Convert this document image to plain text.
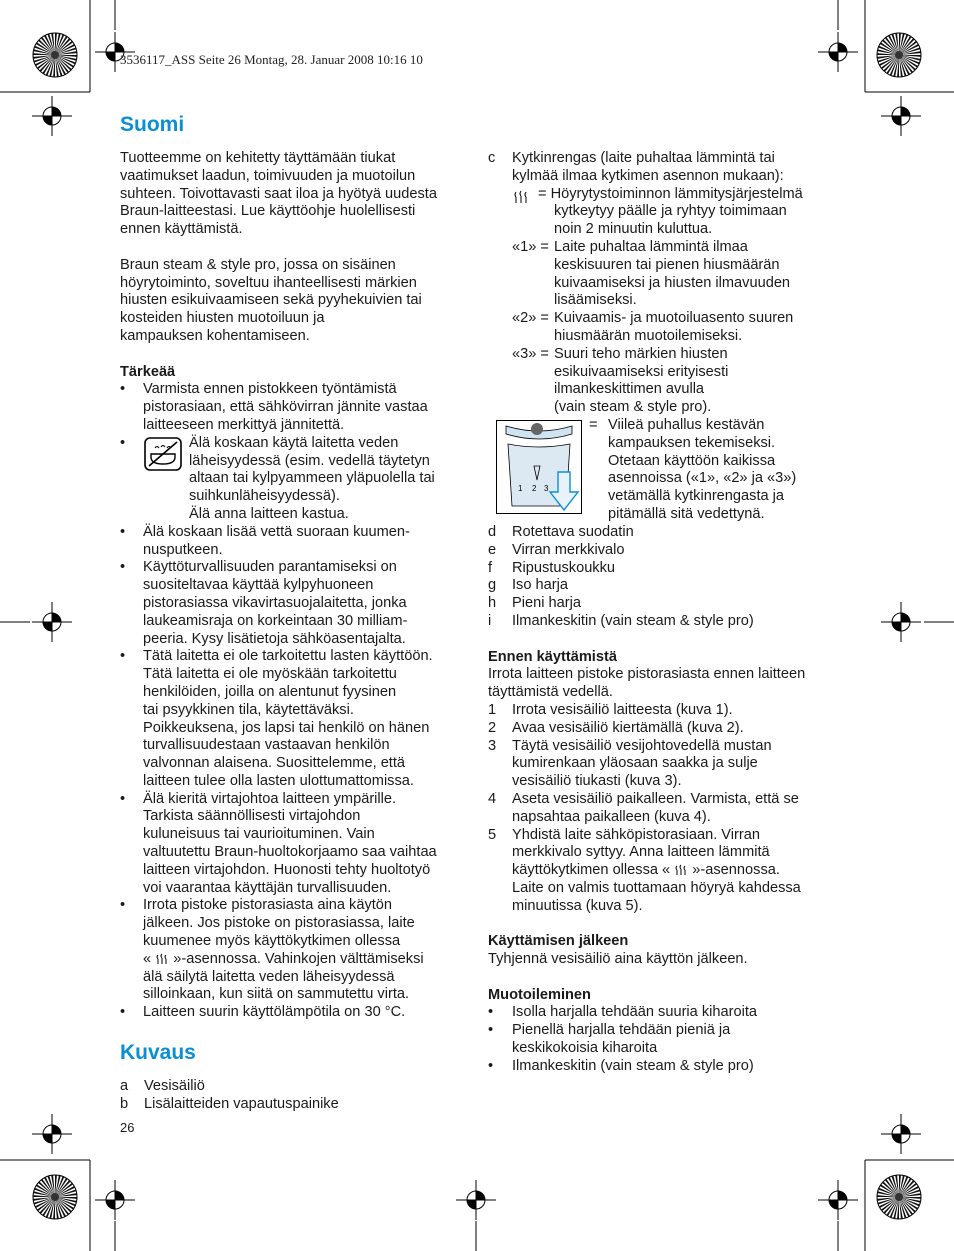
3536117_ASS Seite 26 Montag, 28. Januar 2008 10:16 10
Suomi

Tuotteemme on kehitetty täyttämään tiukat
vaatimukset laadun, toimivuuden ja muotoilun
suhteen. Toivottavasti saat iloa ja hyötyä uudesta
Braun-laitteestasi. Lue käyttöohje huolellisesti
ennen käyttämistä.

Braun steam & style pro, jossa on sisäinen
höyrytoiminto, soveltuu ihanteellisesti märkien
hiusten esikuivaamiseen sekä pyyhekuivien tai
kosteiden hiusten muotoiluun ja
kampauksen kohentamiseen.

Tärkeää

• Varmista ennen pistokkeen työntämistä
pistorasiaan, että sähkövirran jännite vastaa
laitteeseen merkittyä jännitettä.
• Älä koskaan käytä laitetta veden
läheisyydessä (esim. vedellä täytetyn
altaan tai kylpyammeen yläpuolella tai
suihkunläheisyydessä).
Älä anna laitteen kastua.
• Älä koskaan lisää vettä suoraan kuumen-
nusputkeen.
• Käyttöturvallisuuden parantamiseksi on
suositeltavaa käyttää kylpyhuoneen
pistorasiassa vikavirtasuojalaitetta, jonka
laukeamisraja on korkeintaan 30 milliam-
peeria. Kysy lisätietoja sähköasentajalta.
• Tätä laitetta ei ole tarkoitettu lasten käyttöön.
Tätä laitetta ei ole myöskään tarkoitettu
henkilöiden, joilla on alentunut fyysinen
tai psyykkinen tila, käytettäväksi.
Poikkeuksena, jos lapsi tai henkilö on hänen
turvallisuudestaan vastaavan henkilön
valvonnan alaisena. Suosittelemme, että
laitteen tulee olla lasten ulottumattomissa.
• Älä kieritä virtajohtoa laitteen ympärille.
Tarkista säännöllisesti virtajohdon
kuluneisuus tai vaurioituminen. Vain
valtuutettu Braun-huoltokorjaamo saa vaihtaa
laitteen virtajohdon. Huonosti tehty huoltotyö
voi vaarantaa käyttäjän turvallisuuden.
• Irrota pistoke pistorasiasta aina käytön
jälkeen. Jos pistoke on pistorasiassa, laite
kuumenee myös käyttökytkimen ollessa
« »-asennossa. Vahinkojen välttämiseksi
älä säilytä laitetta veden läheisyydessä
silloinkaan, kun siitä on sammutettu virta.
• Laitteen suurin käyttölämpötila on 30 °C.
Kuvaus
a Vesisäiliö
b Lisälaitteiden vapautuspainike
26
c Kytkinrengas (laite puhaltaa lämmintä tai
kylmää ilmaa kytkimen asennon mukaan):
= Höyrytystoiminnon lämmitysjärjestelmä
kytkeytyy päälle ja ryhtyy toimimaan
noin 2 minuutin kuluttua.
«1» = Laite puhaltaa lämmintä ilmaa
keskisuuren tai pienen hiusmäärän
kuivaamiseksi ja hiusten ilmavuuden
lisäämiseksi.
«2» = Kuivaamis- ja muotoiluasento suuren
hiusmäärän muotoilemiseksi.
«3» = Suuri teho märkien hiusten
esikuivaamiseksi erityisesti
ilmankeskittimen avulla
(vain steam & style pro).
1 2 3
= Viileä puhallus kestävän
kampauksen tekemiseksi.
Otetaan käyttöön kaikissa
asennoissa («1», «2» ja «3»)
vetämällä kytkinrengasta ja
pitämällä sitä vedettynä.
d Rotettava suodatin
e Virran merkkivalo
f Ripustuskoukku
g Iso harja
h Pieni harja
i Ilmankeskitin (vain steam & style pro)

Ennen käyttämistä

Irrota laitteen pistoke pistorasiasta ennen laitteen
täyttämistä vedellä.

1 Irrota vesisäiliö laitteesta (kuva 1).
2 Avaa vesisäiliö kiertämällä (kuva 2).
3 Täytä vesisäiliö vesijohtovedellä mustan
kumirenkaan yläosaan saakka ja sulje
vesisäiliö tiukasti (kuva 3).
4 Aseta vesisäiliö paikalleen. Varmista, että se
napsahtaa paikalleen (kuva 4).
5 Yhdistä laite sähköpistorasiaan. Virran
merkkivalo syttyy. Anna laitteen lämmitä
käyttökytkimen ollessa « »-asennossa.
Laite on valmis tuottamaan höyryä kahdessa
minuutissa (kuva 5).

Käyttämisen jälkeen

Tyhjennä vesisäiliö aina käyttön jälkeen.

Muotoileminen

• Isolla harjalla tehdään suuria kiharoita
• Pienellä harjalla tehdään pieniä ja
keskikokoisia kiharoita
• Ilmankeskitin (vain steam & style pro)
